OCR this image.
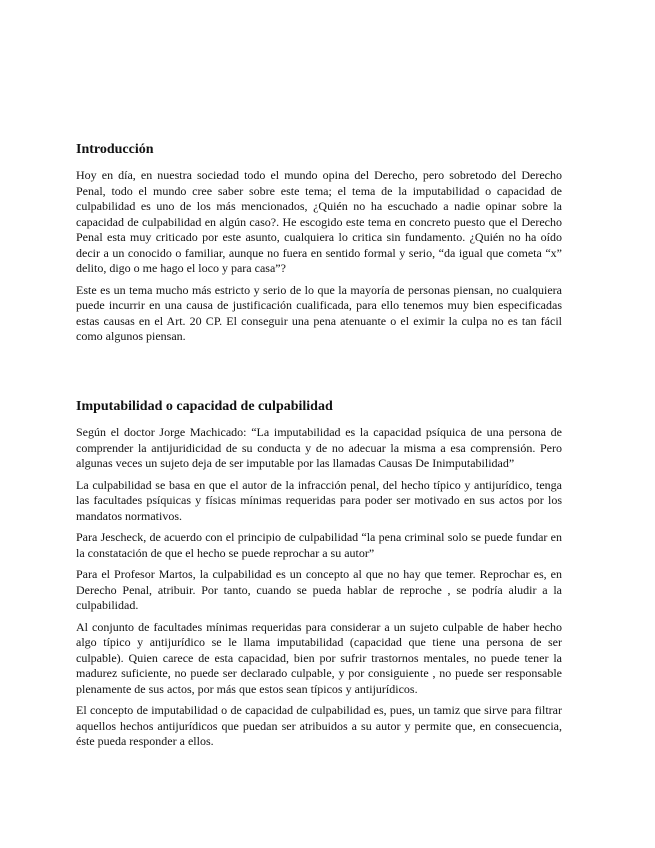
Introducción

Hoy en día, en nuestra sociedad todo el mundo opina del Derecho, pero sobretodo del Derecho Penal, todo el mundo cree saber sobre este tema; el tema de la imputabilidad o capacidad de culpabilidad es uno de los más mencionados, ¿Quién no ha escuchado a nadie opinar sobre la capacidad de culpabilidad en algún caso?. He escogido este tema en concreto puesto que el Derecho Penal esta muy criticado por este asunto, cualquiera lo critica sin fundamento. ¿Quién no ha oído decir a un conocido o familiar, aunque no fuera en sentido formal y serio, “da igual que cometa “x” delito, digo o me hago el loco y para casa”?

Este es un tema mucho más estricto y serio de lo que la mayoría de personas piensan, no cualquiera puede incurrir en una causa de justificación cualificada, para ello tenemos muy bien especificadas estas causas en el Art. 20 CP. El conseguir una pena atenuante o el eximir la culpa no es tan fácil como algunos piensan.

Imputabilidad o capacidad de culpabilidad

Según el doctor Jorge Machicado: “La imputabilidad es la capacidad psíquica de una persona de comprender la antijuridicidad de su conducta y de no adecuar la misma a esa comprensión. Pero algunas veces un sujeto deja de ser imputable por las llamadas Causas De Inimputabilidad”

La culpabilidad se basa en que el autor de la infracción penal, del hecho típico y antijurídico, tenga las facultades psíquicas y físicas mínimas requeridas para poder ser motivado en sus actos por los mandatos normativos.

Para Jescheck, de acuerdo con el principio de culpabilidad “la pena criminal solo se puede fundar en la constatación de que el hecho se puede reprochar a su autor”

Para el Profesor Martos, la culpabilidad es un concepto al que no hay que temer. Reprochar es, en Derecho Penal, atribuir. Por tanto, cuando se pueda hablar de reproche , se podría aludir a la culpabilidad.

Al conjunto de facultades mínimas requeridas para considerar a un sujeto culpable de haber hecho algo típico y antijurídico se le llama imputabilidad (capacidad que tiene una persona de ser culpable). Quien carece de esta capacidad, bien por sufrir trastornos mentales, no puede tener la madurez suficiente, no puede ser declarado culpable, y por consiguiente , no puede ser responsable plenamente de sus actos, por más que estos sean típicos y antijurídicos.

El concepto de imputabilidad o de capacidad de culpabilidad es, pues, un tamiz que sirve para filtrar aquellos hechos antijurídicos que puedan ser atribuidos a su autor y permite que, en consecuencia, éste pueda responder a ellos.
